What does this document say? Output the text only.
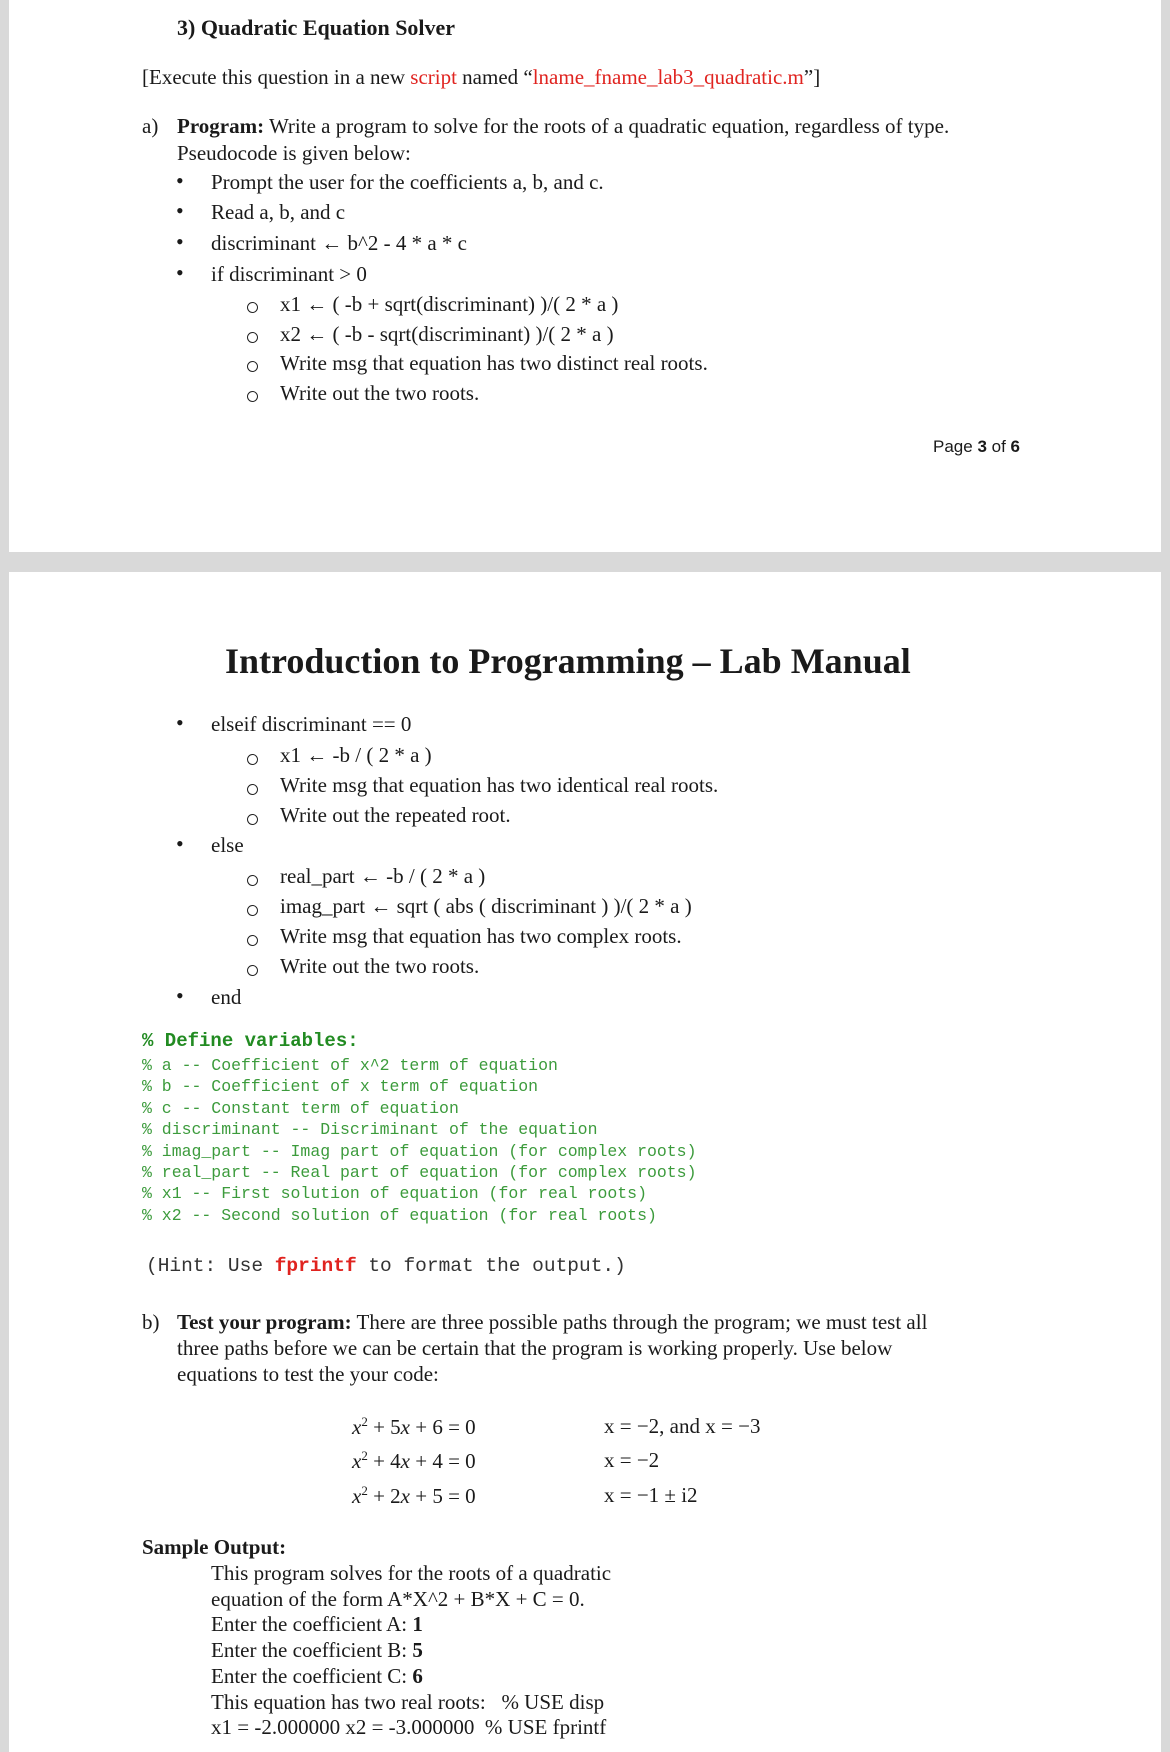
3) Quadratic Equation Solver
[Execute this question in a new script named “lname_fname_lab3_quadratic.m”]
a) Program: Write a program to solve for the roots of a quadratic equation, regardless of type.
Pseudocode is given below:
• Prompt the user for the coefficients a, b, and c.
• Read a, b, and c
• discriminant ← b^2 - 4 * a * c
• if discriminant > 0
x1 ← ( -b + sqrt(discriminant) )/( 2 * a )
x2 ← ( -b - sqrt(discriminant) )/( 2 * a )
Write msg that equation has two distinct real roots.
Write out the two roots.
Page 3 of 6
Introduction to Programming – Lab Manual
• elseif discriminant == 0
x1 ← -b / ( 2 * a )
Write msg that equation has two identical real roots.
Write out the repeated root.
• else
real_part ← -b / ( 2 * a )
imag_part ← sqrt ( abs ( discriminant ) )/( 2 * a )
Write msg that equation has two complex roots.
Write out the two roots.
• end
% Define variables:
% a -- Coefficient of x^2 term of equation
% b -- Coefficient of x term of equation
% c -- Constant term of equation
% discriminant -- Discriminant of the equation
% imag_part -- Imag part of equation (for complex roots)
% real_part -- Real part of equation (for complex roots)
% x1 -- First solution of equation (for real roots)
% x2 -- Second solution of equation (for real roots)
(Hint: Use fprintf to format the output.)
b) Test your program: There are three possible paths through the program; we must test all
three paths before we can be certain that the program is working properly. Use below
equations to test the your code:
$x^2 + 5x + 6 = 0$	x = −2, and x = −3
$x^2 + 4x + 4 = 0$	x = −2
$x^2 + 2x + 5 = 0$	x = −1 ± i2
Sample Output:
This program solves for the roots of a quadratic
equation of the form A*X^2 + B*X + C = 0.
Enter the coefficient A: 1
Enter the coefficient B: 5
Enter the coefficient C: 6
This equation has two real roots:   % USE disp
x1 = -2.000000 x2 = -3.000000  % USE fprintf
